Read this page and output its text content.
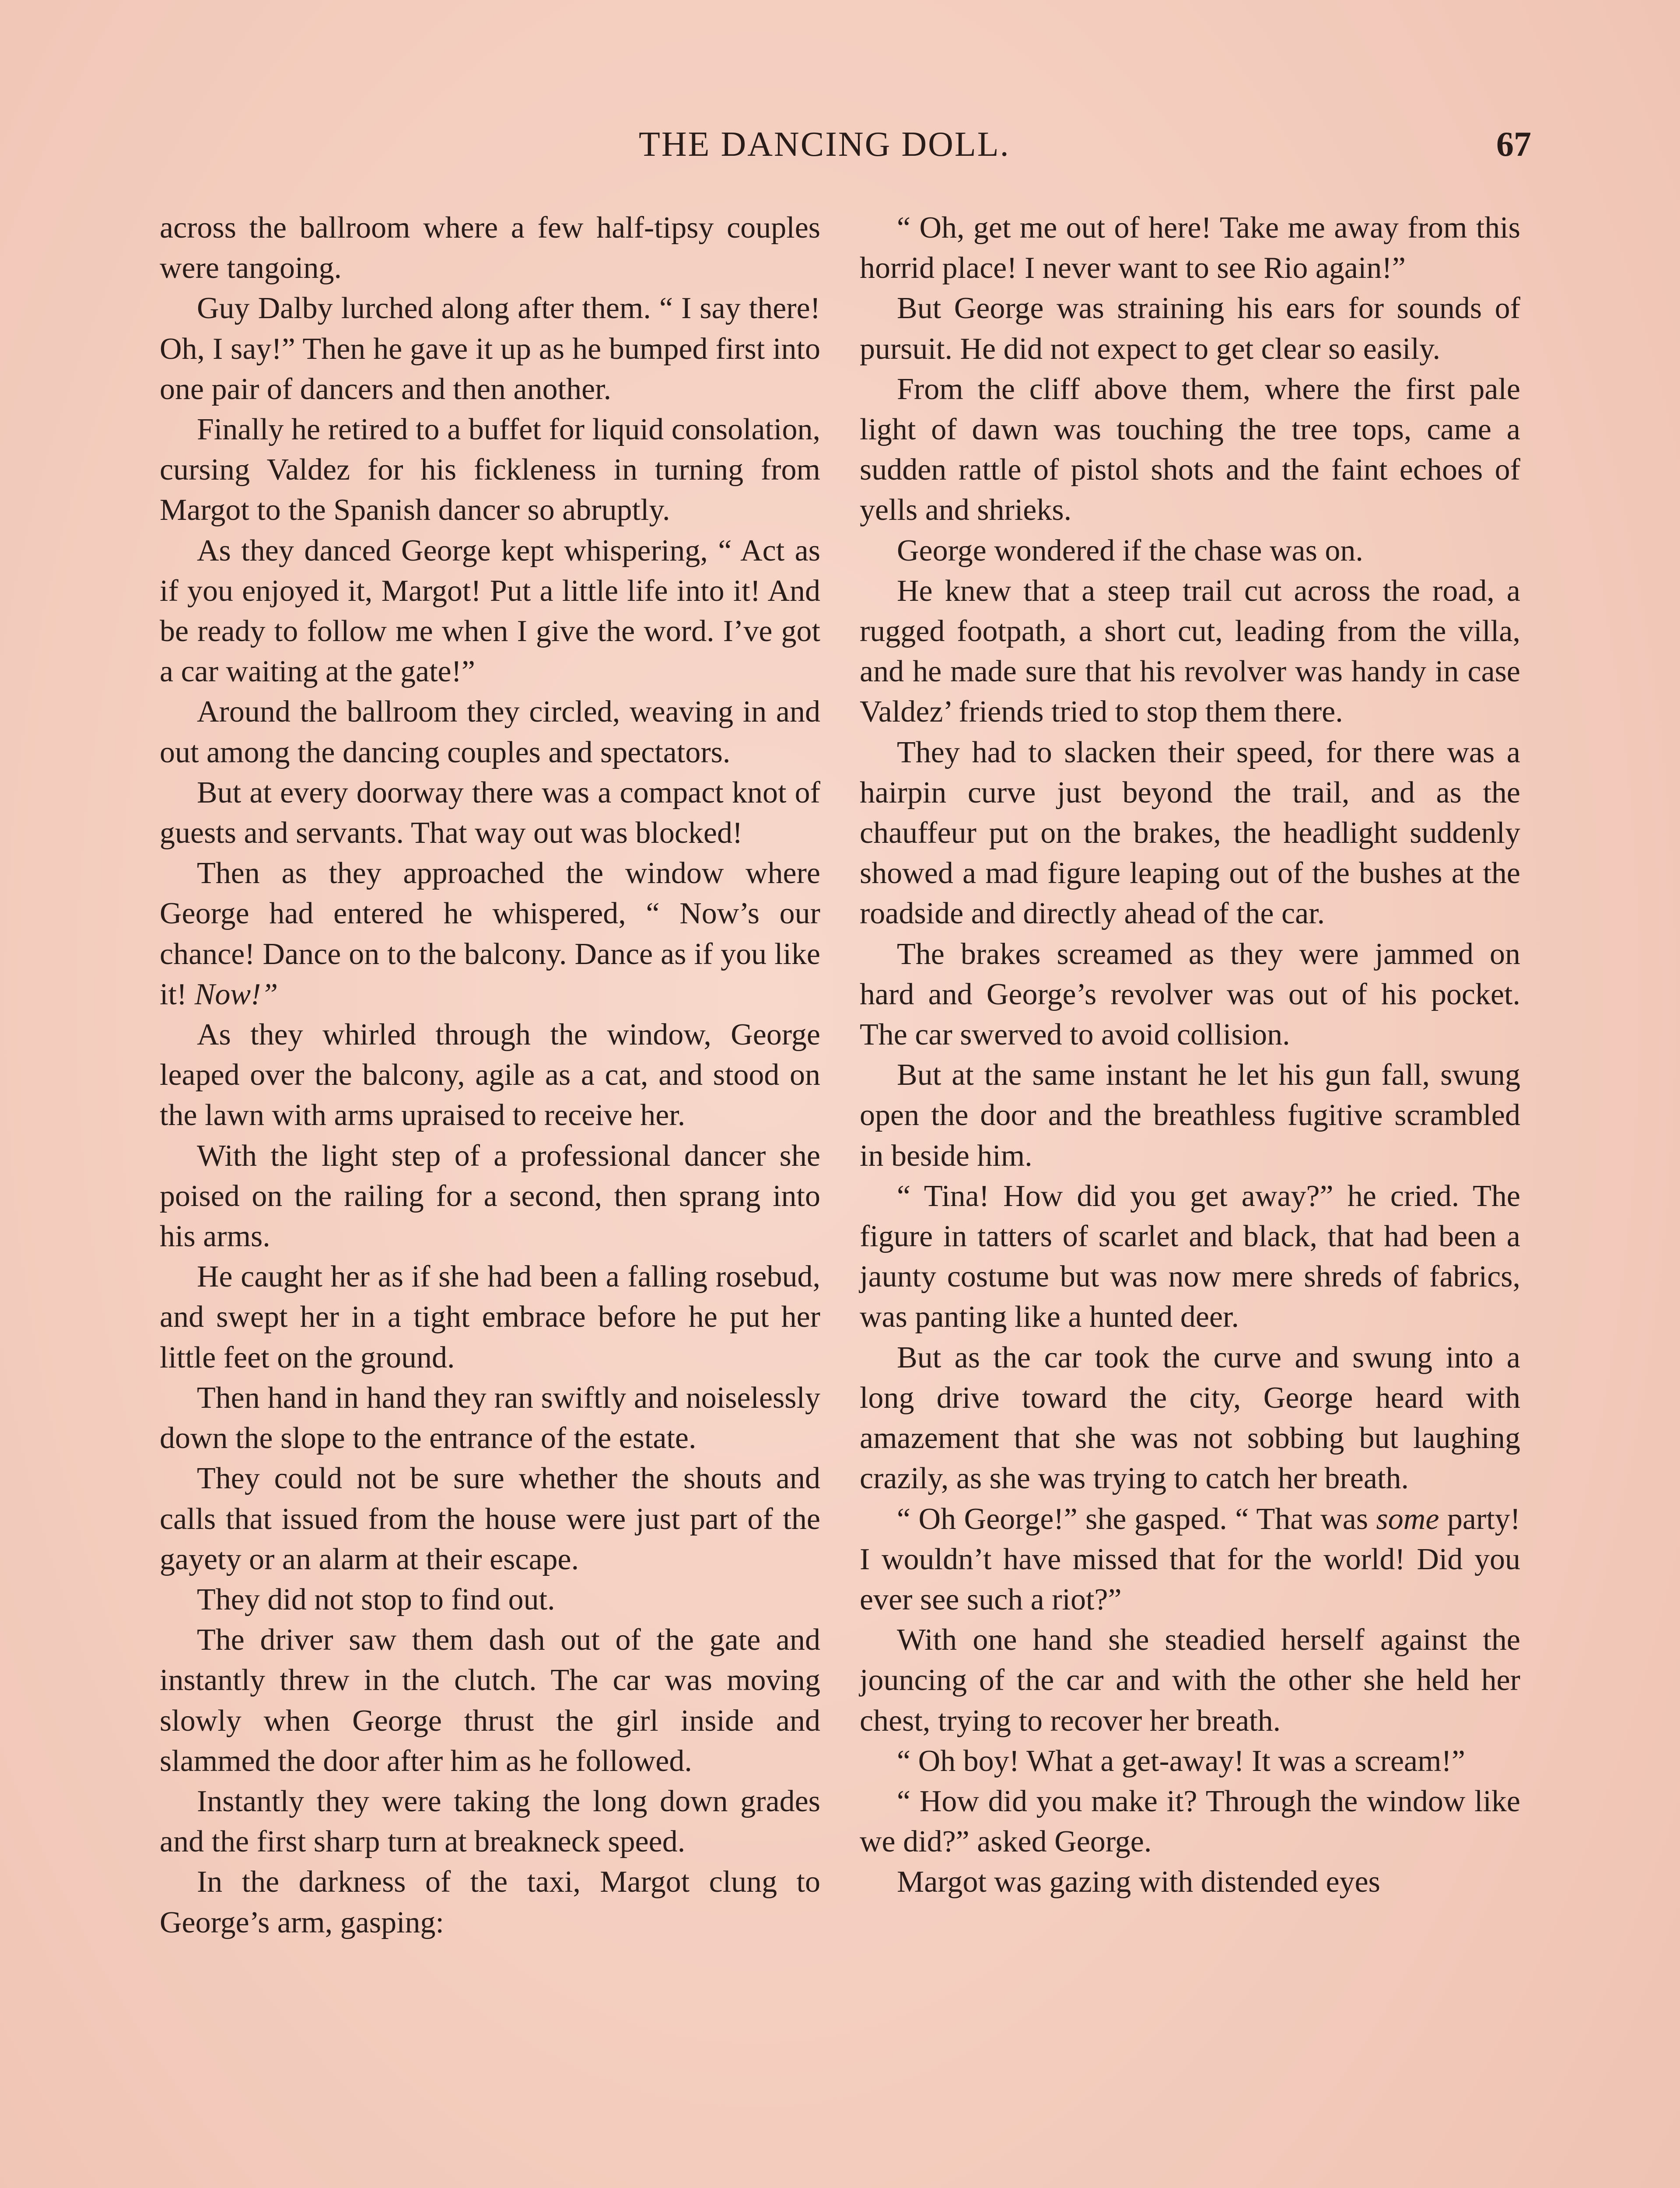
THE DANCING DOLL.	67

across the ballroom where a few half-tipsy couples were tangoing.

Guy Dalby lurched along after them. “ I say there! Oh, I say!” Then he gave it up as he bumped first into one pair of dancers and then another.

Finally he retired to a buffet for liquid consolation, cursing Valdez for his fickleness in turning from Margot to the Spanish dancer so abruptly.

As they danced George kept whispering, “ Act as if you enjoyed it, Margot! Put a little life into it! And be ready to follow me when I give the word. I’ve got a car waiting at the gate!”

Around the ballroom they circled, weaving in and out among the dancing couples and spectators.

But at every doorway there was a compact knot of guests and servants. That way out was blocked!

Then as they approached the window where George had entered he whispered, “ Now’s our chance! Dance on to the balcony. Dance as if you like it! Now!”

As they whirled through the window, George leaped over the balcony, agile as a cat, and stood on the lawn with arms upraised to receive her.

With the light step of a professional dancer she poised on the railing for a second, then sprang into his arms.

He caught her as if she had been a falling rosebud, and swept her in a tight embrace before he put her little feet on the ground.

Then hand in hand they ran swiftly and noiselessly down the slope to the entrance of the estate.

They could not be sure whether the shouts and calls that issued from the house were just part of the gayety or an alarm at their escape.

They did not stop to find out.

The driver saw them dash out of the gate and instantly threw in the clutch. The car was moving slowly when George thrust the girl inside and slammed the door after him as he followed.

Instantly they were taking the long down grades and the first sharp turn at breakneck speed.

In the darkness of the taxi, Margot clung to George’s arm, gasping:

“ Oh, get me out of here! Take me away from this horrid place! I never want to see Rio again!”

But George was straining his ears for sounds of pursuit. He did not expect to get clear so easily.

From the cliff above them, where the first pale light of dawn was touching the tree tops, came a sudden rattle of pistol shots and the faint echoes of yells and shrieks.

George wondered if the chase was on.

He knew that a steep trail cut across the road, a rugged footpath, a short cut, leading from the villa, and he made sure that his revolver was handy in case Valdez’ friends tried to stop them there.

They had to slacken their speed, for there was a hairpin curve just beyond the trail, and as the chauffeur put on the brakes, the headlight suddenly showed a mad figure leaping out of the bushes at the roadside and directly ahead of the car.

The brakes screamed as they were jammed on hard and George’s revolver was out of his pocket. The car swerved to avoid collision.

But at the same instant he let his gun fall, swung open the door and the breathless fugitive scrambled in beside him.

“ Tina! How did you get away?” he cried. The figure in tatters of scarlet and black, that had been a jaunty costume but was now mere shreds of fabrics, was panting like a hunted deer.

But as the car took the curve and swung into a long drive toward the city, George heard with amazement that she was not sobbing but laughing crazily, as she was trying to catch her breath.

“ Oh George!” she gasped. “ That was some party! I wouldn’t have missed that for the world! Did you ever see such a riot?”

With one hand she steadied herself against the jouncing of the car and with the other she held her chest, trying to recover her breath.

“ Oh boy! What a get-away! It was a scream!”

“ How did you make it? Through the window like we did?” asked George.

Margot was gazing with distended eyes
